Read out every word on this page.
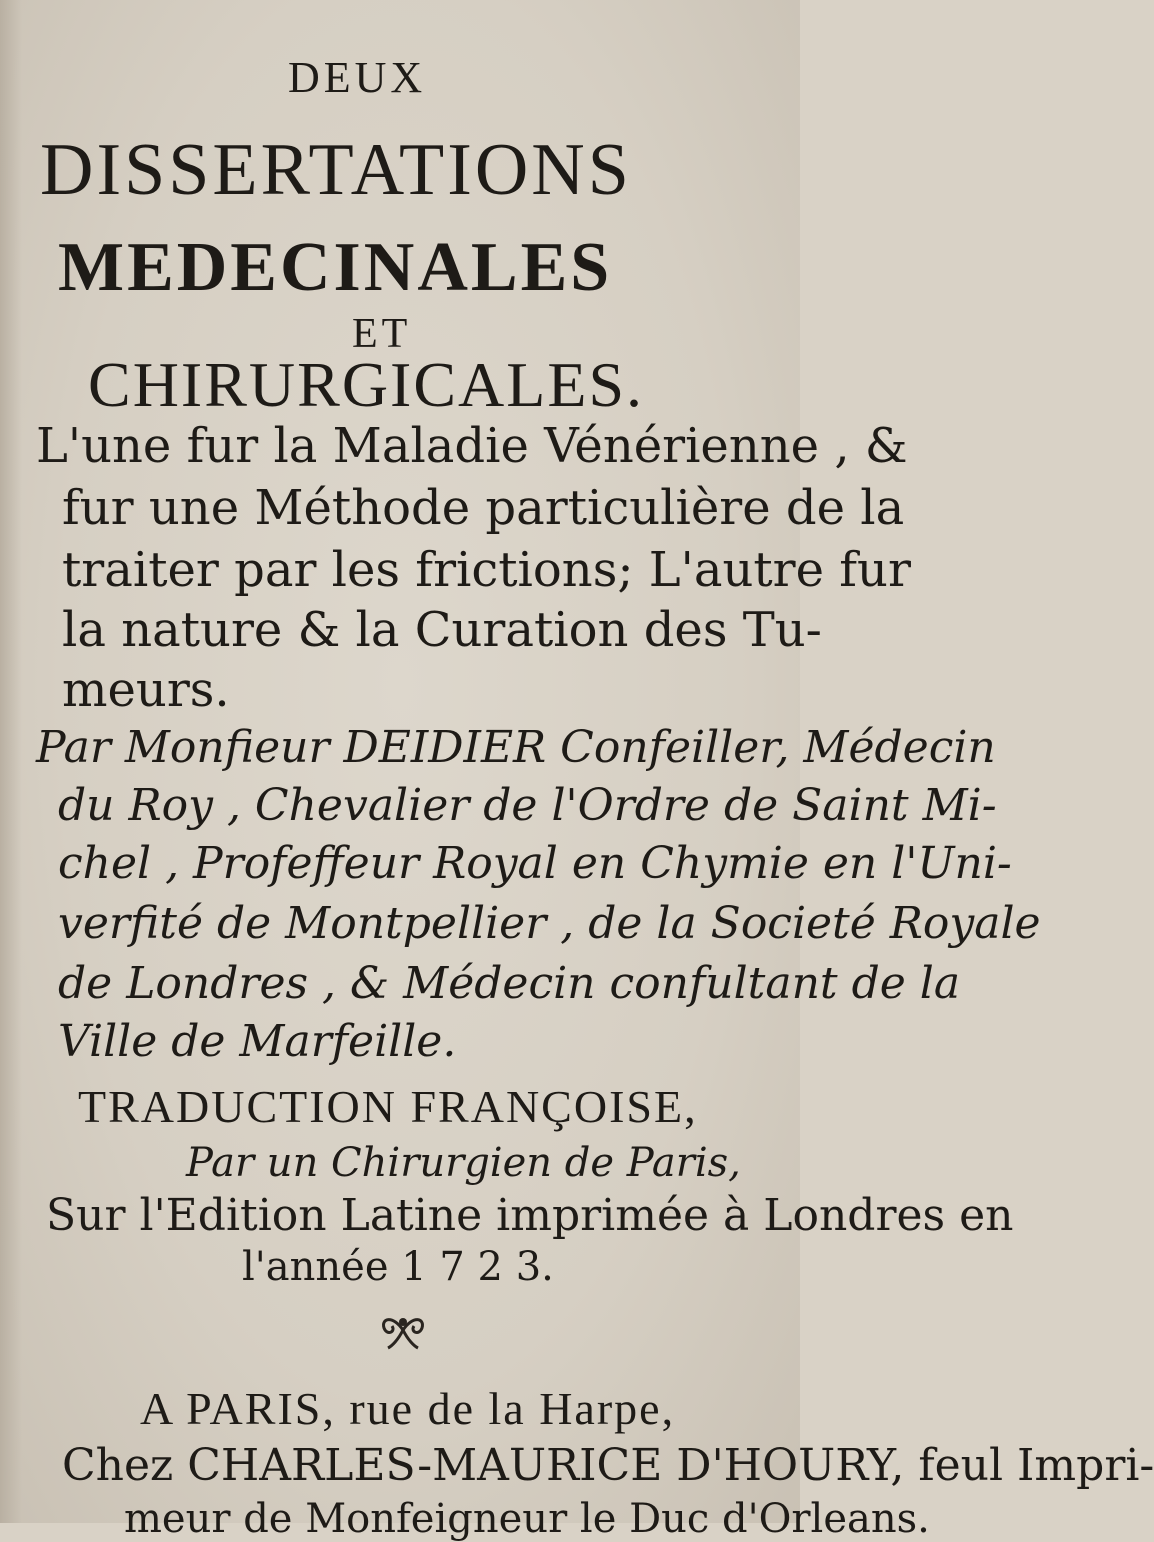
DEUX
DISSERTATIONS
MEDECINALES
ET
CHIRURGICALES.
L'une fur la Maladie Vénérienne , &
fur une Méthode particulière de la
traiter par les frictions; L'autre fur
la nature & la Curation des Tu-
meurs.
Par Monfieur DEIDIER Confeiller, Médecin
du Roy , Chevalier de l'Ordre de Saint Mi-
chel , Profeffeur Royal en Chymie en l'Uni-
verfité de Montpellier , de la Societé Royale
de Londres , & Médecin confultant de la
Ville de Marfeille.
TRADUCTION FRANÇOISE,
Par un Chirurgien de Paris,
Sur l'Edition Latine imprimée à Londres en
l'année 1 7 2 3.
A PARIS, rue de la Harpe,
Chez CHARLES-MAURICE D'HOURY, feul Impri-
meur de Monfeigneur le Duc d'Orleans.
